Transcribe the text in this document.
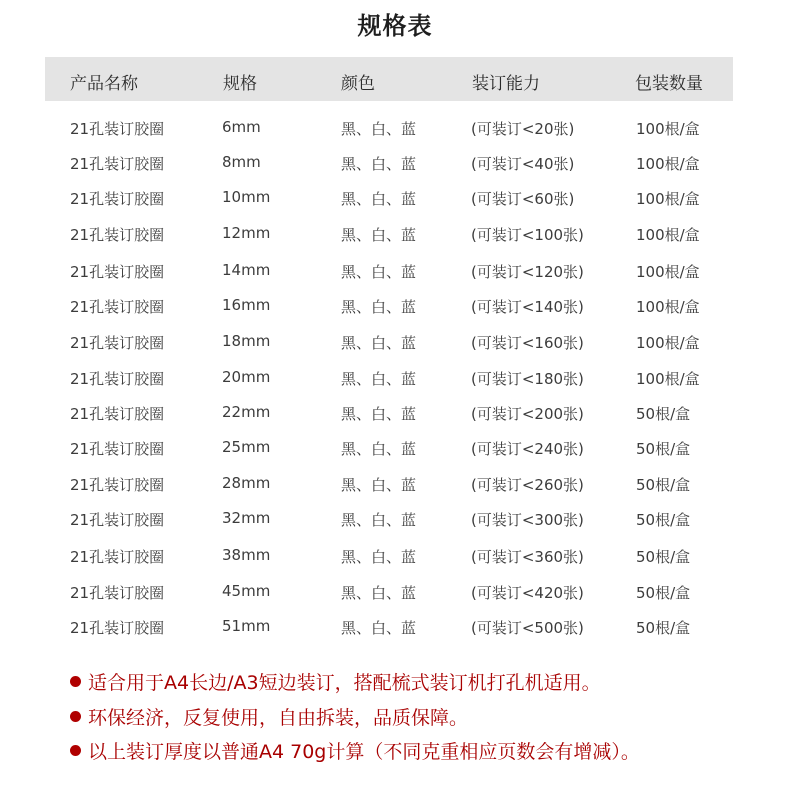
规格表
产品名称	规格	颜色	装订能力	包装数量
21孔装订胶圈	6mm	黑、白、蓝	(可装订<20张)	100根/盒
21孔装订胶圈	8mm	黑、白、蓝	(可装订<40张)	100根/盒
21孔装订胶圈	10mm	黑、白、蓝	(可装订<60张)	100根/盒
21孔装订胶圈	12mm	黑、白、蓝	(可装订<100张)	100根/盒
21孔装订胶圈	14mm	黑、白、蓝	(可装订<120张)	100根/盒
21孔装订胶圈	16mm	黑、白、蓝	(可装订<140张)	100根/盒
21孔装订胶圈	18mm	黑、白、蓝	(可装订<160张)	100根/盒
21孔装订胶圈	20mm	黑、白、蓝	(可装订<180张)	100根/盒
21孔装订胶圈	22mm	黑、白、蓝	(可装订<200张)	50根/盒
21孔装订胶圈	25mm	黑、白、蓝	(可装订<240张)	50根/盒
21孔装订胶圈	28mm	黑、白、蓝	(可装订<260张)	50根/盒
21孔装订胶圈	32mm	黑、白、蓝	(可装订<300张)	50根/盒
21孔装订胶圈	38mm	黑、白、蓝	(可装订<360张)	50根/盒
21孔装订胶圈	45mm	黑、白、蓝	(可装订<420张)	50根/盒
21孔装订胶圈	51mm	黑、白、蓝	(可装订<500张)	50根/盒
适合用于A4长边/A3短边装订，搭配梳式装订机打孔机适用。
环保经济，反复使用，自由拆装，品质保障。
以上装订厚度以普通A4 70g计算（不同克重相应页数会有增减）。
